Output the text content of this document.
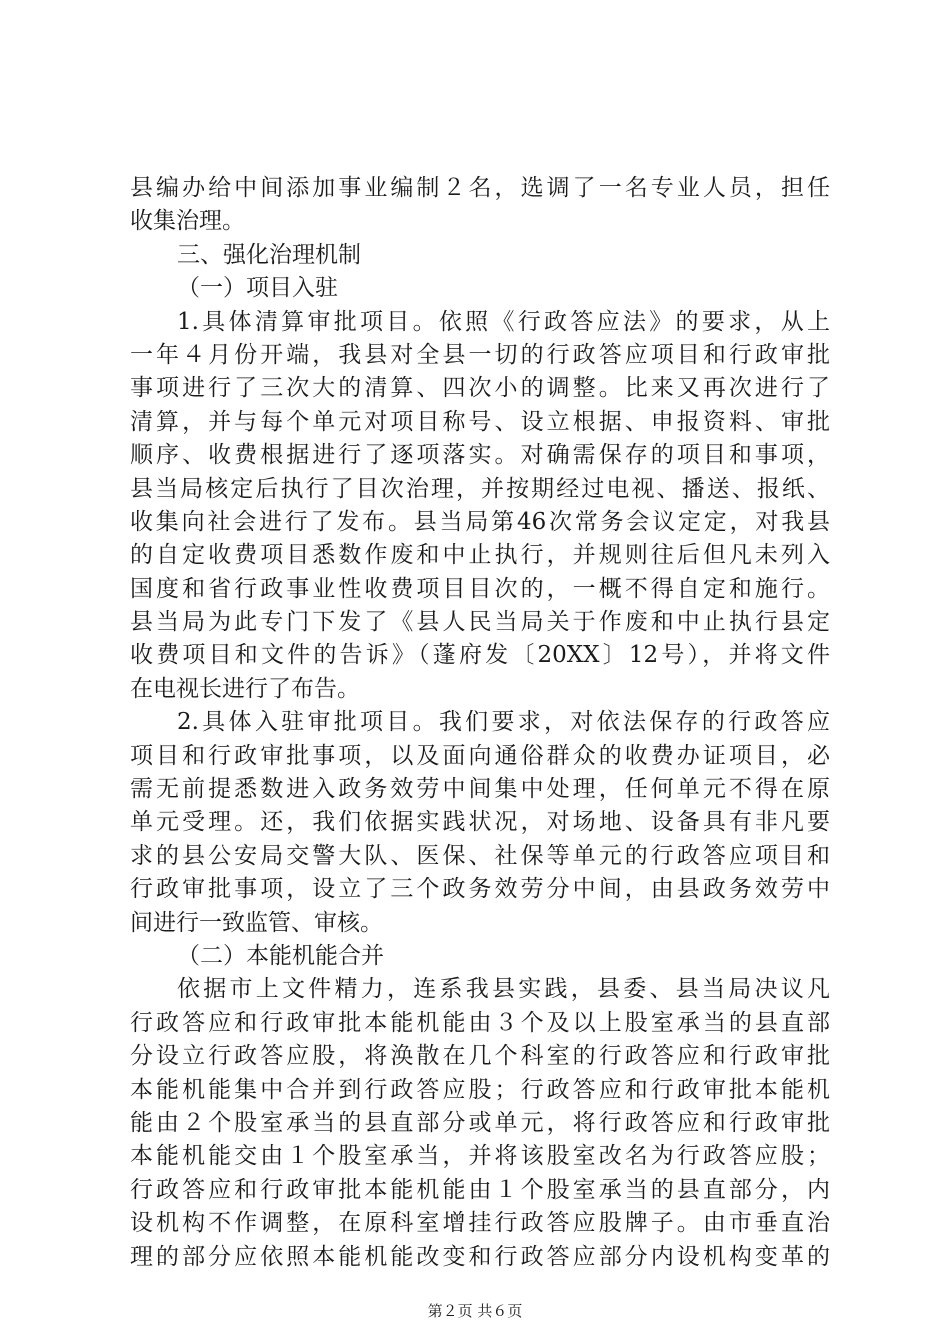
县编办给中间添加事业编制２名，选调了一名专业人员，担任
收集治理。
三、强化治理机制
（一）项目入驻
1.具体清算审批项目。依照《行政答应法》的要求，从上
一年４月份开端，我县对全县一切的行政答应项目和行政审批
事项进行了三次大的清算、四次小的调整。比来又再次进行了
清算，并与每个单元对项目称号、设立根据、申报资料、审批
顺序、收费根据进行了逐项落实。对确需保存的项目和事项，
县当局核定后执行了目次治理，并按期经过电视、播送、报纸、
收集向社会进行了发布。县当局第46次常务会议定定，对我县
的自定收费项目悉数作废和中止执行，并规则往后但凡未列入
国度和省行政事业性收费项目目次的，一概不得自定和施行。
县当局为此专门下发了《县人民当局关于作废和中止执行县定
收费项目和文件的告诉》（蓬府发〔20XX〕12号），并将文件
在电视长进行了布告。
2.具体入驻审批项目。我们要求，对依法保存的行政答应
项目和行政审批事项，以及面向通俗群众的收费办证项目，必
需无前提悉数进入政务效劳中间集中处理，任何单元不得在原
单元受理。还，我们依据实践状况，对场地、设备具有非凡要
求的县公安局交警大队、医保、社保等单元的行政答应项目和
行政审批事项，设立了三个政务效劳分中间，由县政务效劳中
间进行一致监管、审核。
（二）本能机能合并
依据市上文件精力，连系我县实践，县委、县当局决议凡
行政答应和行政审批本能机能由３个及以上股室承当的县直部
分设立行政答应股，将涣散在几个科室的行政答应和行政审批
本能机能集中合并到行政答应股；行政答应和行政审批本能机
能由２个股室承当的县直部分或单元，将行政答应和行政审批
本能机能交由１个股室承当，并将该股室改名为行政答应股；
行政答应和行政审批本能机能由１个股室承当的县直部分，内
设机构不作调整，在原科室增挂行政答应股牌子。由市垂直治
理的部分应依照本能机能改变和行政答应部分内设机构变革的
第２页 共６页
